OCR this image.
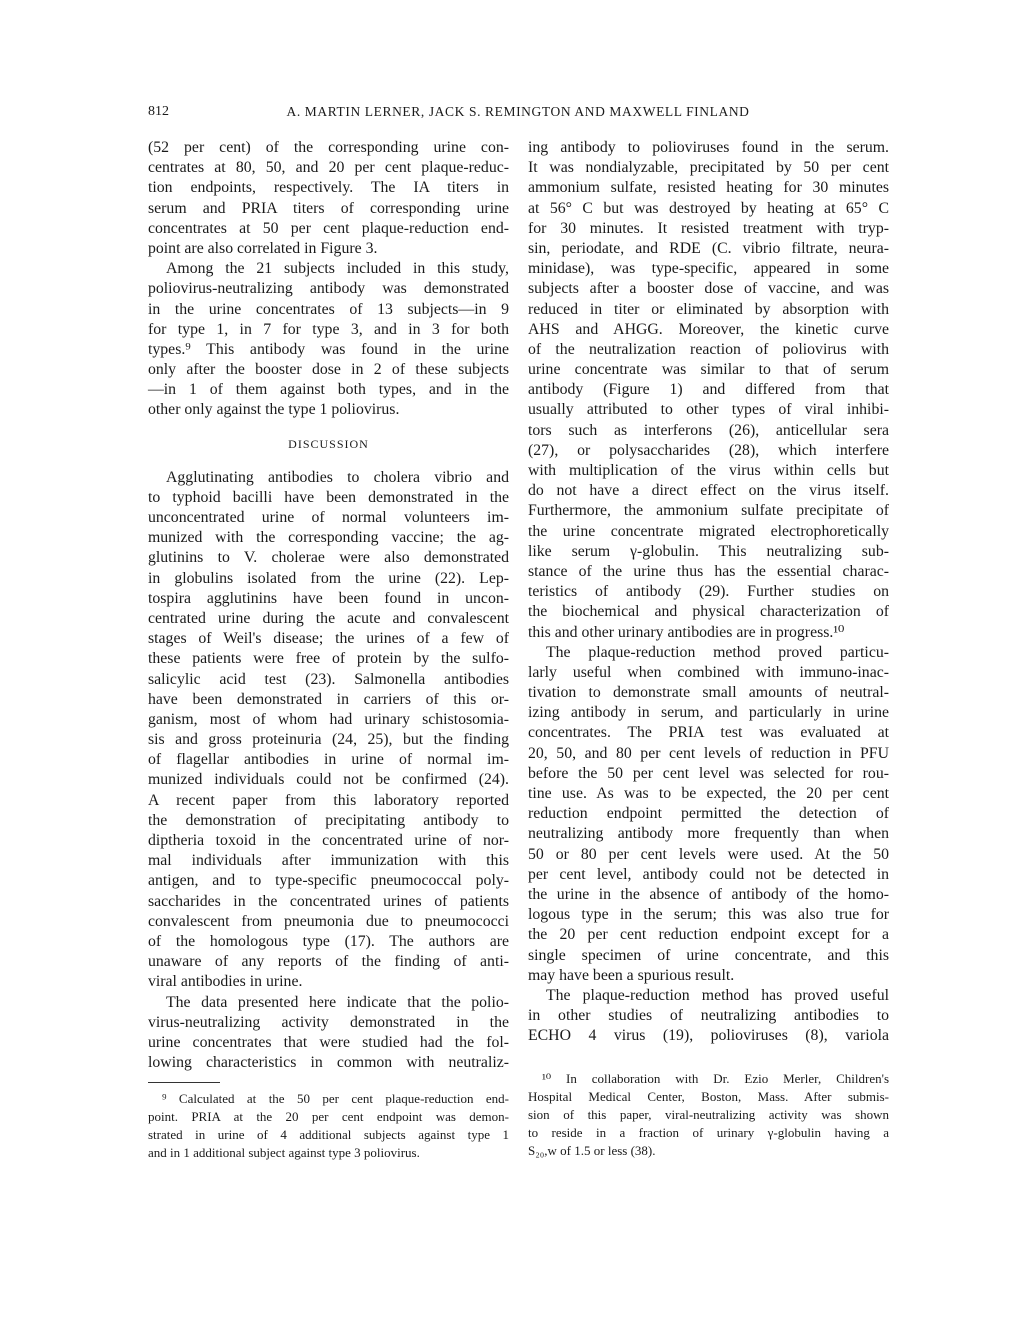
812	A. MARTIN LERNER, JACK S. REMINGTON AND MAXWELL FINLAND
(52 per cent) of the corresponding urine con-
centrates at 80, 50, and 20 per cent plaque-reduc-
tion endpoints, respectively. The IA titers in
serum and PRIA titers of corresponding urine
concentrates at 50 per cent plaque-reduction end-
point are also correlated in Figure 3.
Among the 21 subjects included in this study,
poliovirus-neutralizing antibody was demonstrated
in the urine concentrates of 13 subjects—in 9
for type 1, in 7 for type 3, and in 3 for both
types.⁹ This antibody was found in the urine
only after the booster dose in 2 of these subjects
—in 1 of them against both types, and in the
other only against the type 1 poliovirus.
DISCUSSION
Agglutinating antibodies to cholera vibrio and
to typhoid bacilli have been demonstrated in the
unconcentrated urine of normal volunteers im-
munized with the corresponding vaccine; the ag-
glutinins to V. cholerae were also demonstrated
in globulins isolated from the urine (22). Lep-
tospira agglutinins have been found in uncon-
centrated urine during the acute and convalescent
stages of Weil's disease; the urines of a few of
these patients were free of protein by the sulfo-
salicylic acid test (23). Salmonella antibodies
have been demonstrated in carriers of this or-
ganism, most of whom had urinary schistosomia-
sis and gross proteinuria (24, 25), but the finding
of flagellar antibodies in urine of normal im-
munized individuals could not be confirmed (24).
A recent paper from this laboratory reported
the demonstration of precipitating antibody to
diptheria toxoid in the concentrated urine of nor-
mal individuals after immunization with this
antigen, and to type-specific pneumococcal poly-
saccharides in the concentrated urines of patients
convalescent from pneumonia due to pneumococci
of the homologous type (17). The authors are
unaware of any reports of the finding of anti-
viral antibodies in urine.
The data presented here indicate that the polio-
virus-neutralizing activity demonstrated in the
urine concentrates that were studied had the fol-
lowing characteristics in common with neutraliz-
ing antibody to polioviruses found in the serum.
It was nondialyzable, precipitated by 50 per cent
ammonium sulfate, resisted heating for 30 minutes
at 56° C but was destroyed by heating at 65° C
for 30 minutes. It resisted treatment with tryp-
sin, periodate, and RDE (C. vibrio filtrate, neura-
minidase), was type-specific, appeared in some
subjects after a booster dose of vaccine, and was
reduced in titer or eliminated by absorption with
AHS and AHGG. Moreover, the kinetic curve
of the neutralization reaction of poliovirus with
urine concentrate was similar to that of serum
antibody (Figure 1) and differed from that
usually attributed to other types of viral inhibi-
tors such as interferons (26), anticellular sera
(27), or polysaccharides (28), which interfere
with multiplication of the virus within cells but
do not have a direct effect on the virus itself.
Furthermore, the ammonium sulfate precipitate of
the urine concentrate migrated electrophoretically
like serum γ-globulin. This neutralizing sub-
stance of the urine thus has the essential charac-
teristics of antibody (29). Further studies on
the biochemical and physical characterization of
this and other urinary antibodies are in progress.¹⁰
The plaque-reduction method proved particu-
larly useful when combined with immuno-inac-
tivation to demonstrate small amounts of neutral-
izing antibody in serum, and particularly in urine
concentrates. The PRIA test was evaluated at
20, 50, and 80 per cent levels of reduction in PFU
before the 50 per cent level was selected for rou-
tine use. As was to be expected, the 20 per cent
reduction endpoint permitted the detection of
neutralizing antibody more frequently than when
50 or 80 per cent levels were used. At the 50
per cent level, antibody could not be detected in
the urine in the absence of antibody of the homo-
logous type in the serum; this was also true for
the 20 per cent reduction endpoint except for a
single specimen of urine concentrate, and this
may have been a spurious result.
The plaque-reduction method has proved useful
in other studies of neutralizing antibodies to
ECHO 4 virus (19), polioviruses (8), variola
⁹ Calculated at the 50 per cent plaque-reduction end-
point. PRIA at the 20 per cent endpoint was demon-
strated in urine of 4 additional subjects against type 1
and in 1 additional subject against type 3 poliovirus.
¹⁰ In collaboration with Dr. Ezio Merler, Children's
Hospital Medical Center, Boston, Mass. After submis-
sion of this paper, viral-neutralizing activity was shown
to reside in a fraction of urinary γ-globulin having a
S₂₀,w of 1.5 or less (38).
